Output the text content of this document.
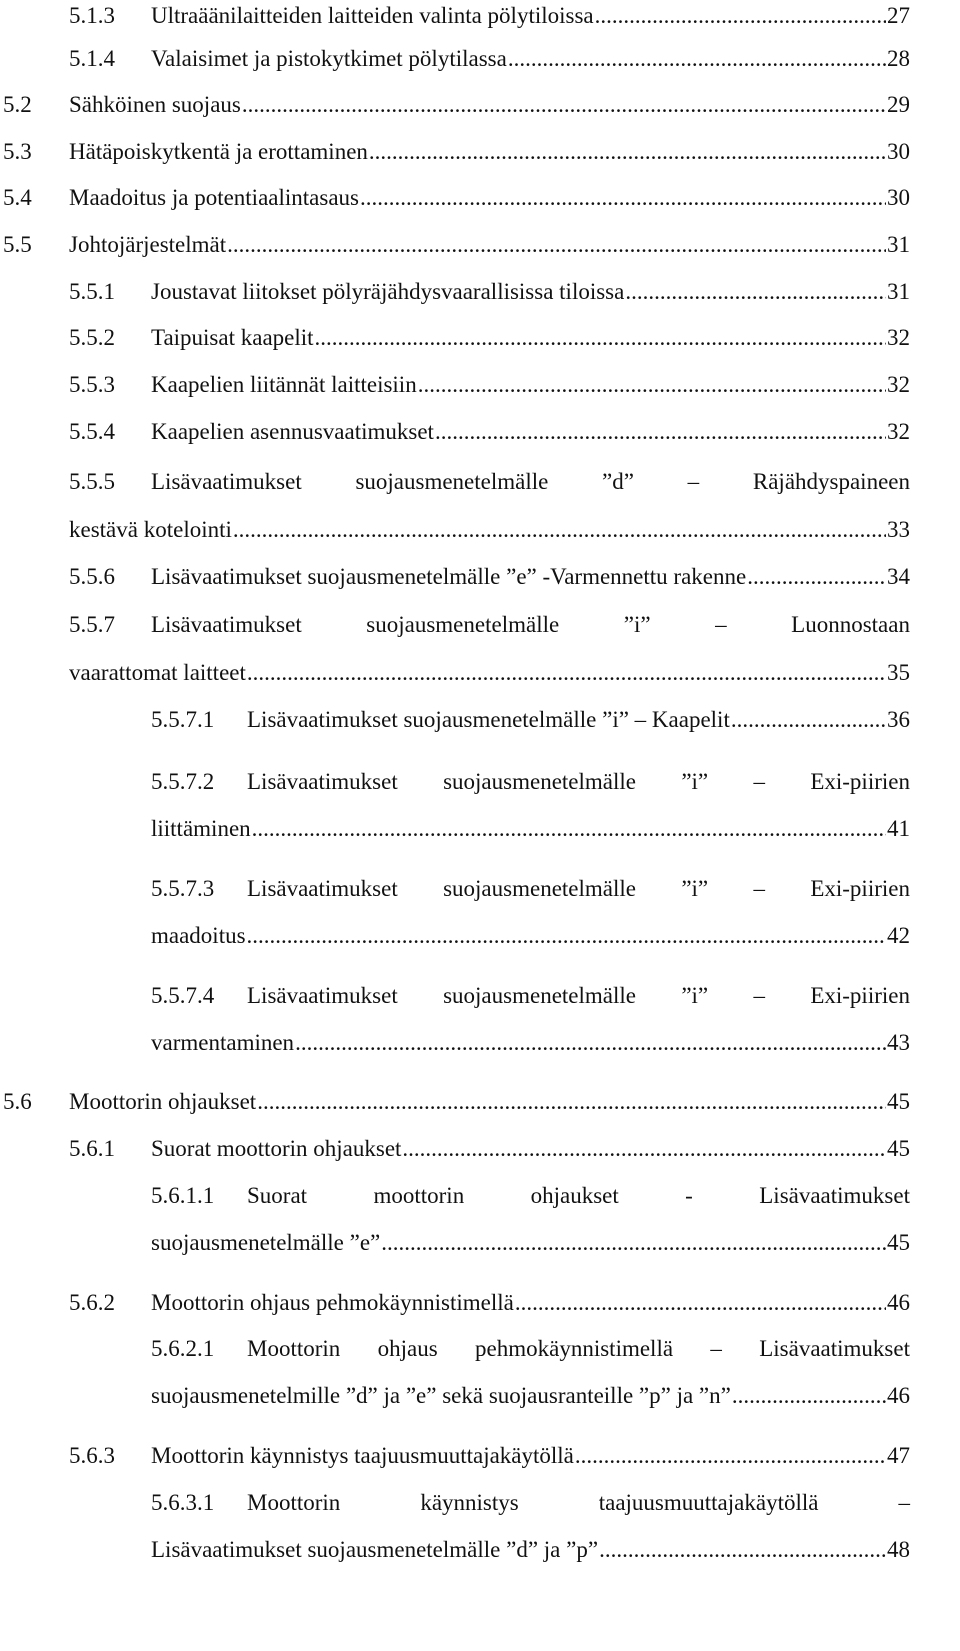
5.1.3	Ultraäänilaitteiden laitteiden valinta pölytiloissa .....	27
5.1.4	Valaisimet ja pistokytkimet pölytilassa .....	28
5.2	Sähköinen suojaus .....	29
5.3	Hätäpoiskytkentä ja erottaminen .....	30
5.4	Maadoitus ja potentiaalintasaus .....	30
5.5	Johtojärjestelmät .....	31
5.5.1	Joustavat liitokset pölyräjähdysvaarallisissa tiloissa .....	31
5.5.2	Taipuisat kaapelit .....	32
5.5.3	Kaapelien liitännät laitteisiin .....	32
5.5.4	Kaapelien asennusvaatimukset .....	32
5.5.5	Lisävaatimukset suojausmenetelmälle ”d” – Räjähdyspaineen
kestävä kotelointi .....	33
5.5.6	Lisävaatimukset suojausmenetelmälle ”e” -Varmennettu rakenne .....	34
5.5.7	Lisävaatimukset	suojausmenetelmälle	”i”	–	Luonnostaan
vaarattomat laitteet .....	35
5.5.7.1	Lisävaatimukset suojausmenetelmälle ”i” – Kaapelit .....	36
5.5.7.2	Lisävaatimukset suojausmenetelmälle ”i” – Exi-piirien
liittäminen .....	41
5.5.7.3	Lisävaatimukset suojausmenetelmälle ”i” – Exi-piirien
maadoitus .....	42
5.5.7.4	Lisävaatimukset suojausmenetelmälle ”i” – Exi-piirien
varmentaminen .....	43
5.6	Moottorin ohjaukset .....	45
5.6.1	Suorat moottorin ohjaukset .....	45
5.6.1.1	Suorat	moottorin	ohjaukset	-	Lisävaatimukset
suojausmenetelmälle ”e” .....	45
5.6.2	Moottorin ohjaus pehmokäynnistimellä .....	46
5.6.2.1	Moottorin ohjaus pehmokäynnistimellä – Lisävaatimukset
suojausmenetelmille ”d” ja ”e” sekä suojausranteille ”p” ja ”n” .....	46
5.6.3	Moottorin käynnistys taajuusmuuttajakäytöllä .....	47
5.6.3.1	Moottorin	käynnistys	taajuusmuuttajakäytöllä	–
Lisävaatimukset suojausmenetelmälle ”d” ja ”p” .....	48
